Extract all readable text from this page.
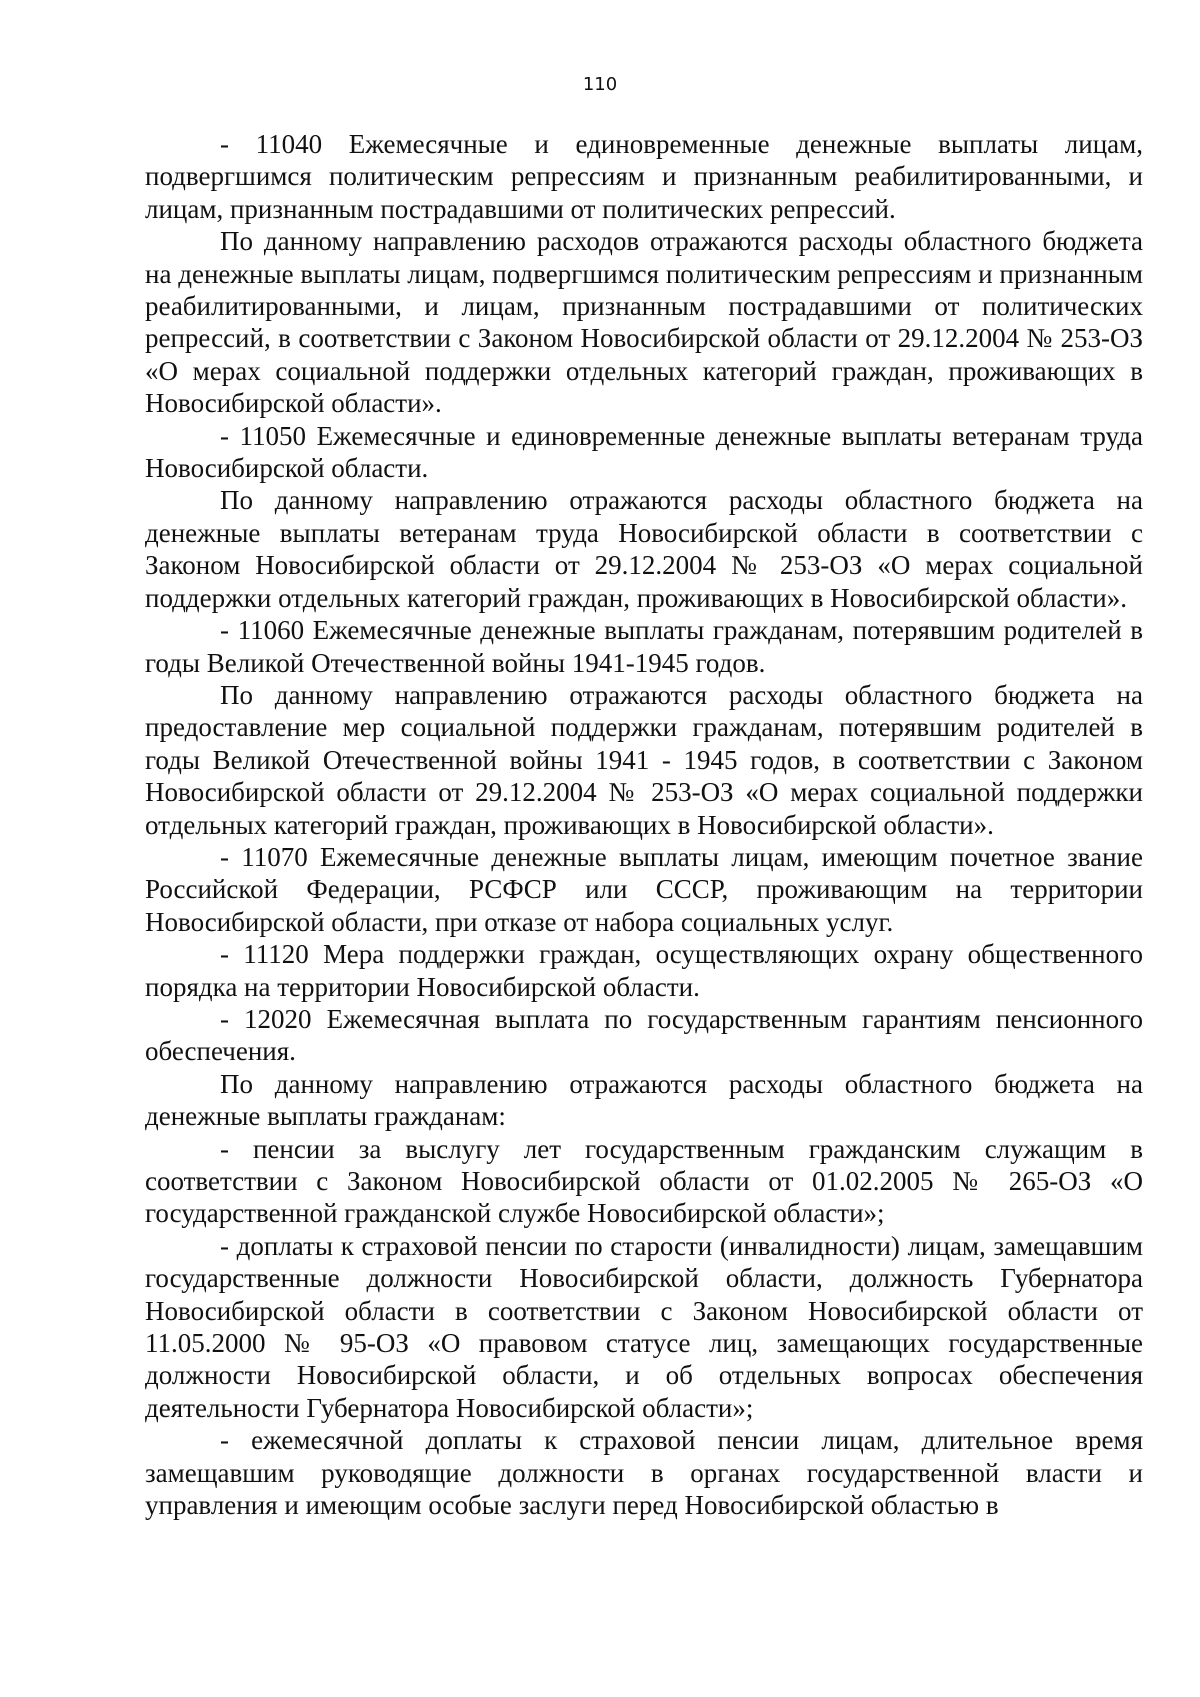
110

- 11040 Ежемесячные и единовременные денежные выплаты лицам, подвергшимся политическим репрессиям и признанным реабилитированными, и лицам, признанным пострадавшими от политических репрессий.

По данному направлению расходов отражаются расходы областного бюджета на денежные выплаты лицам, подвергшимся политическим репрессиям и признанным реабилитированными, и лицам, признанным пострадавшими от политических репрессий, в соответствии с Законом Новосибирской области от 29.12.2004 № 253-ОЗ «О мерах социальной поддержки отдельных категорий граждан, проживающих в Новосибирской области».

- 11050 Ежемесячные и единовременные денежные выплаты ветеранам труда Новосибирской области.

По данному направлению отражаются расходы областного бюджета на денежные выплаты ветеранам труда Новосибирской области в соответствии с Законом Новосибирской области от 29.12.2004 № 253-ОЗ «О мерах социальной поддержки отдельных категорий граждан, проживающих в Новосибирской области».

- 11060 Ежемесячные денежные выплаты гражданам, потерявшим родителей в годы Великой Отечественной войны 1941-1945 годов.

По данному направлению отражаются расходы областного бюджета на предоставление мер социальной поддержки гражданам, потерявшим родителей в годы Великой Отечественной войны 1941 - 1945 годов, в соответствии с Законом Новосибирской области от 29.12.2004 № 253-ОЗ «О мерах социальной поддержки отдельных категорий граждан, проживающих в Новосибирской области».

- 11070 Ежемесячные денежные выплаты лицам, имеющим почетное звание Российской Федерации, РСФСР или СССР, проживающим на территории Новосибирской области, при отказе от набора социальных услуг.

- 11120 Мера поддержки граждан, осуществляющих охрану общественного порядка на территории Новосибирской области.

- 12020 Ежемесячная выплата по государственным гарантиям пенсионного обеспечения.

По данному направлению отражаются расходы областного бюджета на денежные выплаты гражданам:

- пенсии за выслугу лет государственным гражданским служащим в соответствии с Законом Новосибирской области от 01.02.2005 № 265-ОЗ «О государственной гражданской службе Новосибирской области»;

- доплаты к страховой пенсии по старости (инвалидности) лицам, замещавшим государственные должности Новосибирской области, должность Губернатора Новосибирской области в соответствии с Законом Новосибирской области от 11.05.2000 № 95-ОЗ «О правовом статусе лиц, замещающих государственные должности Новосибирской области, и об отдельных вопросах обеспечения деятельности Губернатора Новосибирской области»;

- ежемесячной доплаты к страховой пенсии лицам, длительное время замещавшим руководящие должности в органах государственной власти и управления и имеющим особые заслуги перед Новосибирской областью в
